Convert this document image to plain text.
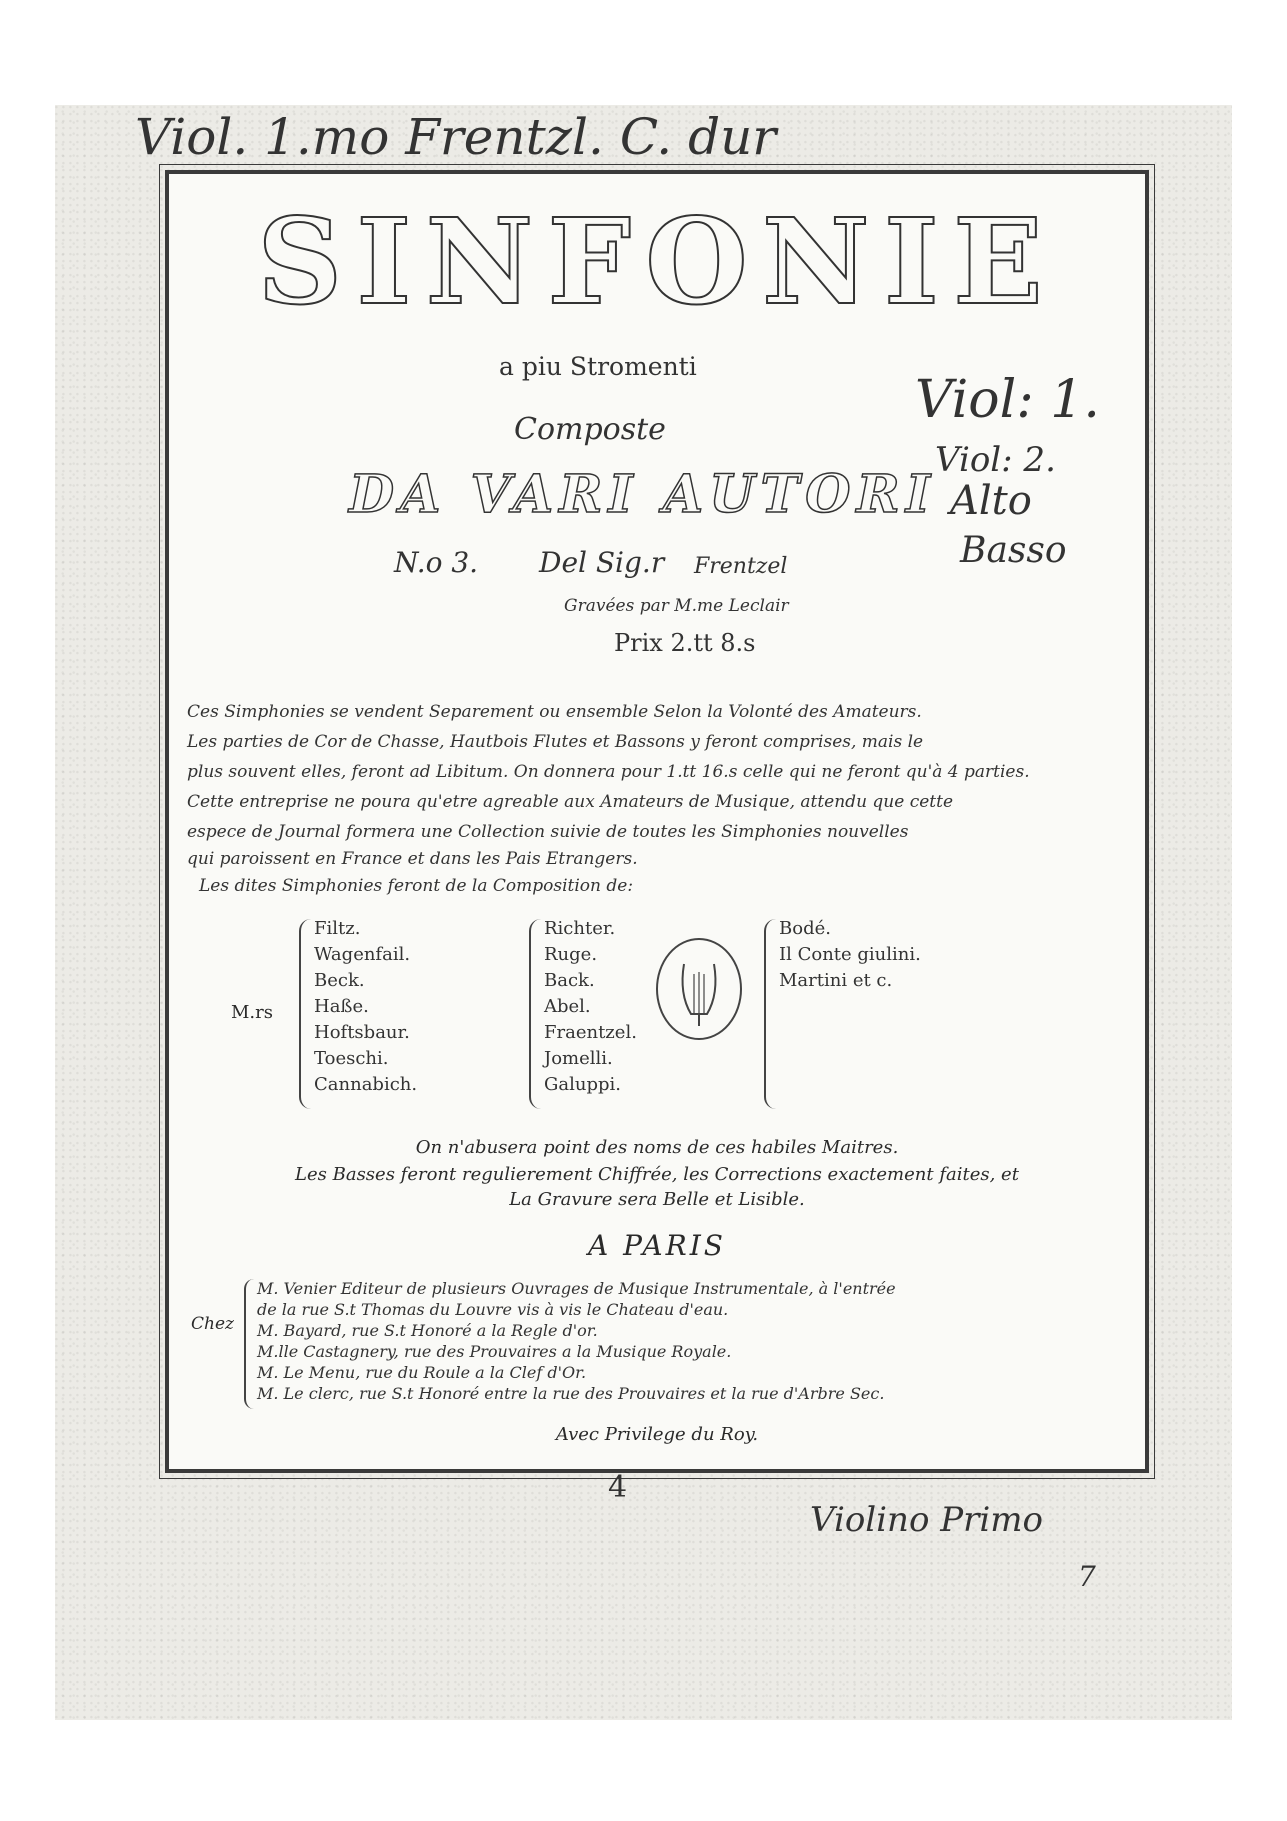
Viol. 1.mo Frentzl. C. dur
SINFONIE
a piu Stromenti
Composte
DA VARI AUTORI
N.o 3. Del Sig.r Frentzel
Gravées par M.me Leclair
Prix 2.tt 8.s
Ces Simphonies se vendent Separement ou ensemble Selon la Volonté des Amateurs.
Les parties de Cor de Chasse, Hautbois Flutes et Bassons y feront comprises, mais le
plus souvent elles, feront ad Libitum. On donnera pour 1.tt 16.s celle qui ne feront qu'à 4 parties.
Cette entreprise ne poura qu'etre agreable aux Amateurs de Musique, attendu que cette
espece de Journal formera une Collection suivie de toutes les Simphonies nouvelles
qui paroissent en France et dans les Pais Etrangers.
Les dites Simphonies feront de la Composition de:
M.rs
Filtz.
Wagenfail.
Beck.
Haße.
Hoftsbaur.
Toeschi.
Cannabich.
Richter.
Ruge.
Back.
Abel.
Fraentzel.
Jomelli.
Galuppi.
Bodé.
Il Conte giulini.
Martini et c.
On n'abusera point des noms de ces habiles Maitres.
Les Basses feront regulierement Chiffrée, les Corrections exactement faites, et
La Gravure sera Belle et Lisible.
A PARIS
Chez
M. Venier Editeur de plusieurs Ouvrages de Musique Instrumentale, à l'entrée
de la rue S.t Thomas du Louvre vis à vis le Chateau d'eau.
M. Bayard, rue S.t Honoré a la Regle d'or.
M.lle Castagnery, rue des Prouvaires a la Musique Royale.
M. Le Menu, rue du Roule a la Clef d'Or.
M. Le clerc, rue S.t Honoré entre la rue des Prouvaires et la rue d'Arbre Sec.
Avec Privilege du Roy.
Viol: 1.
Viol: 2.
Alto
Basso
4
Violino Primo
7
